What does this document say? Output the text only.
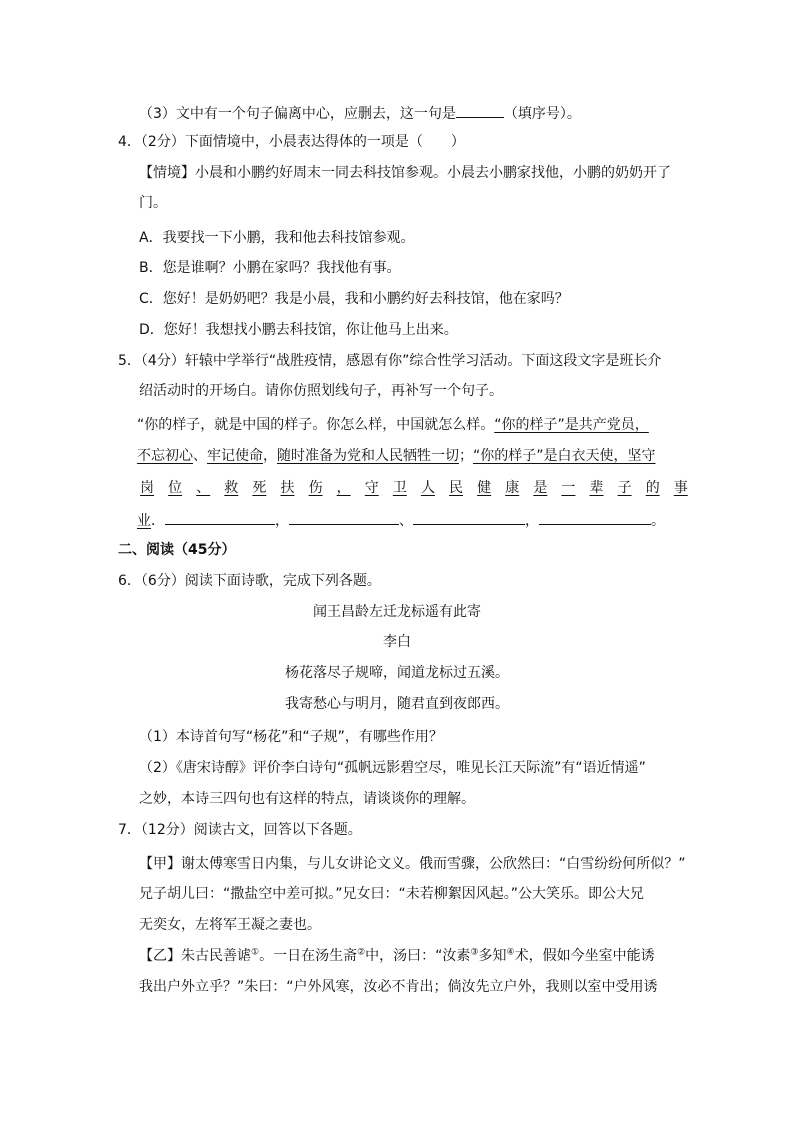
（3）文中有一个句子偏离中心，应删去，这一句是	（填序号）。
4．（2分）下面情境中，小晨表达得体的一项是（　　）
【情境】小晨和小鹏约好周末一同去科技馆参观。小晨去小鹏家找他，小鹏的奶奶开了
门。
A．我要找一下小鹏，我和他去科技馆参观。
B．您是谁啊？小鹏在家吗？我找他有事。
C．您好！是奶奶吧？我是小晨，我和小鹏约好去科技馆，他在家吗？
D．您好！我想找小鹏去科技馆，你让他马上出来。
5．（4分）轩辕中学举行“战胜疫情，感恩有你”综合性学习活动。下面这段文字是班长介
绍活动时的开场白。请你仿照划线句子，再补写一个句子。
“你的样子，就是中国的样子。你怎么样，中国就怎么样。“你的样子”是共产党员，
不忘初心、牢记使命，随时准备为党和人民牺牲一切；“你的样子”是白衣天使，坚守
岗 位 、 救 死 扶 伤 ， 守 卫 人 民 健 康 是 一 辈 子 的 事
业．	，	、	，	。
二、阅读（45分）
6．（6分）阅读下面诗歌，完成下列各题。
闻王昌龄左迁龙标遥有此寄
李白
杨花落尽子规啼，闻道龙标过五溪。
我寄愁心与明月，随君直到夜郎西。
（1）本诗首句写“杨花”和“子规”，有哪些作用？
（2）《唐宋诗醇》评价李白诗句“孤帆远影碧空尽，唯见长江天际流”有“语近情遥”
之妙，本诗三四句也有这样的特点，请谈谈你的理解。
7．（12分）阅读古文，回答以下各题。
【甲】谢太傅寒雪日内集，与儿女讲论文义。俄而雪骤，公欣然曰：“白雪纷纷何所似？”
兄子胡儿曰：“撒盐空中差可拟。”兄女曰：“未若柳絮因风起。”公大笑乐。即公大兄
无奕女，左将军王凝之妻也。
【乙】朱古民善谑①。一日在汤生斋②中，汤曰：“汝素③多知④术，假如今坐室中能诱
我出户外立乎？”朱曰：“户外风寒，汝必不肯出；倘汝先立户外，我则以室中受用诱
